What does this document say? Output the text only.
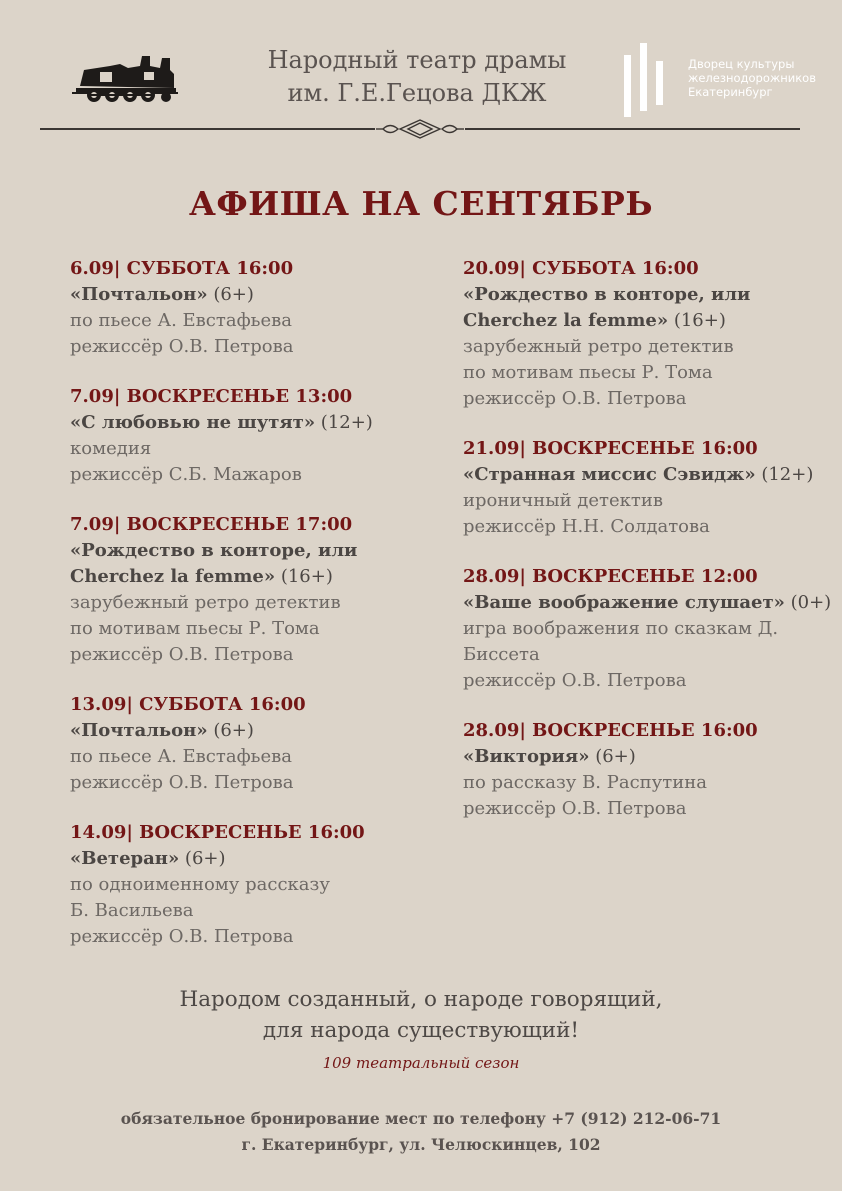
Народный театр драмы
им. Г.Е.Гецова ДКЖ
Дворец культуры
железнодорожников
Екатеринбург
АФИША НА СЕНТЯБРЬ
6.09| СУББОТА 16:00
«Почтальон» (6+)
по пьесе А. Евстафьева
режиссёр О.В. Петрова
7.09| ВОСКРЕСЕНЬЕ 13:00
«С любовью не шутят» (12+)
комедия
режиссёр С.Б. Мажаров
7.09| ВОСКРЕСЕНЬЕ 17:00
«Рождество в конторе, или
Cherchez la femme» (16+)
зарубежный ретро детектив
по мотивам пьесы Р. Тома
режиссёр О.В. Петрова
13.09| СУББОТА 16:00
«Почтальон» (6+)
по пьесе А. Евстафьева
режиссёр О.В. Петрова
14.09| ВОСКРЕСЕНЬЕ 16:00
«Ветеран» (6+)
по одноименному рассказу
Б. Васильева
режиссёр О.В. Петрова
20.09| СУББОТА 16:00
«Рождество в конторе, или
Cherchez la femme» (16+)
зарубежный ретро детектив
по мотивам пьесы Р. Тома
режиссёр О.В. Петрова
21.09| ВОСКРЕСЕНЬЕ 16:00
«Странная миссис Сэвидж» (12+)
ироничный детектив
режиссёр Н.Н. Солдатова
28.09| ВОСКРЕСЕНЬЕ 12:00
«Ваше воображение слушает» (0+)
игра воображения по сказкам Д.
Биссета
режиссёр О.В. Петрова
28.09| ВОСКРЕСЕНЬЕ 16:00
«Виктория» (6+)
по рассказу В. Распутина
режиссёр О.В. Петрова
Народом созданный, о народе говорящий,
для народа существующий!
109 театральный сезон
обязательное бронирование мест по телефону +7 (912) 212-06-71
г. Екатеринбург, ул. Челюскинцев, 102
